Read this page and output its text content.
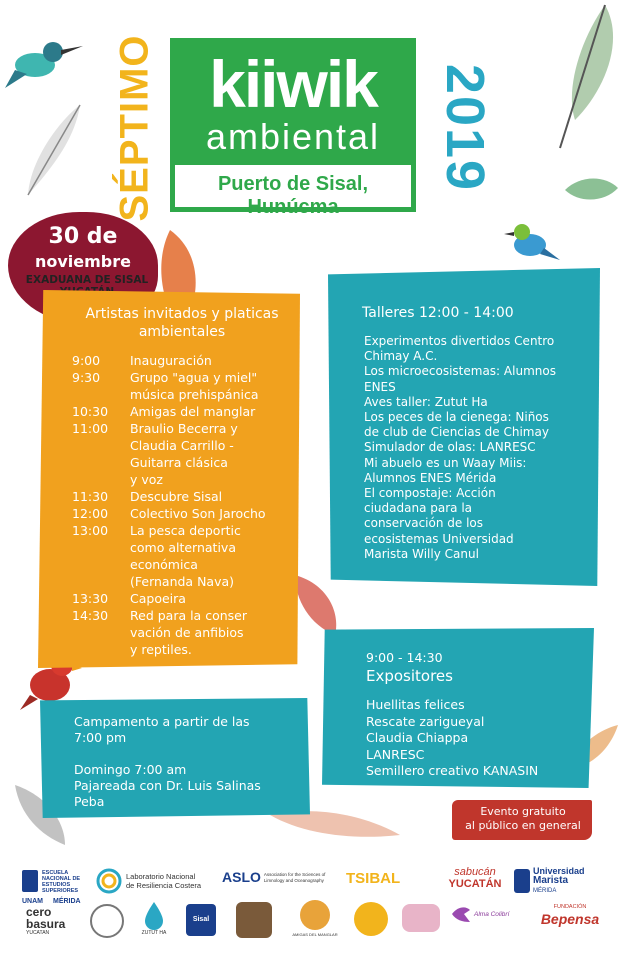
SÉPTIMO	2019
kiiwik
ambiental
Puerto de Sisal, Hunúcma
30 de
noviembre
EXADUANA DE SISAL
Artistas invitados y platicas
ambientales
9:00	Inauguración
9:30	Grupo "agua y miel"
música prehispánica
10:30	Amigas del manglar
11:00	Braulio Becerra y
Claudia Carrillo -
Guitarra clásica
y voz
11:30	Descubre Sisal
12:00	Colectivo Son Jarocho
13:00	La pesca deportic
como alternativa
económica
(Fernanda Nava)
13:30	Capoeira
14:30	Red para la conser
vación de anfibios
y reptiles.
Talleres 12:00 - 14:00
Experimentos divertidos Centro
Chimay A.C.
Los microecosistemas: Alumnos
ENES
Aves taller: Zutut Ha
Los peces de la cienega: Niños
de club de Ciencias de Chimay
Simulador de olas: LANRESC
Mi abuelo es un Waay Miis:
Alumnos ENES Mérida
El compostaje: Acción
ciudadana para la
conservación de los
ecosistemas Universidad
Marista Willy Canul
9:00 - 14:30
Expositores
Huellitas felices
Rescate zarigueyal
Claudia Chiappa
LANRESC
Semillero creativo KANASIN
Campamento a partir de las
7:00 pm
Domingo 7:00 am
Pajareada con Dr. Luis Salinas
Peba
Evento gratuito
al público en general
ESCUELA
NACIONAL DE
ESTUDIOS
SUPERIORES
UNAM MÉRIDA
Laboratorio Nacional
de Resiliencia Costera
ASLO Association for the Sciences of
Limnology and Oceanography TSIBAL	sabucán
YUCATÁN
Universidad
Marista
MÉRIDA
cero
basura
YUCATAN	ZUTUT HA
Sisal
AMIGAS DEL MANGLAR
Alma Colibrí
FUNDACIÓN
Bepensa
